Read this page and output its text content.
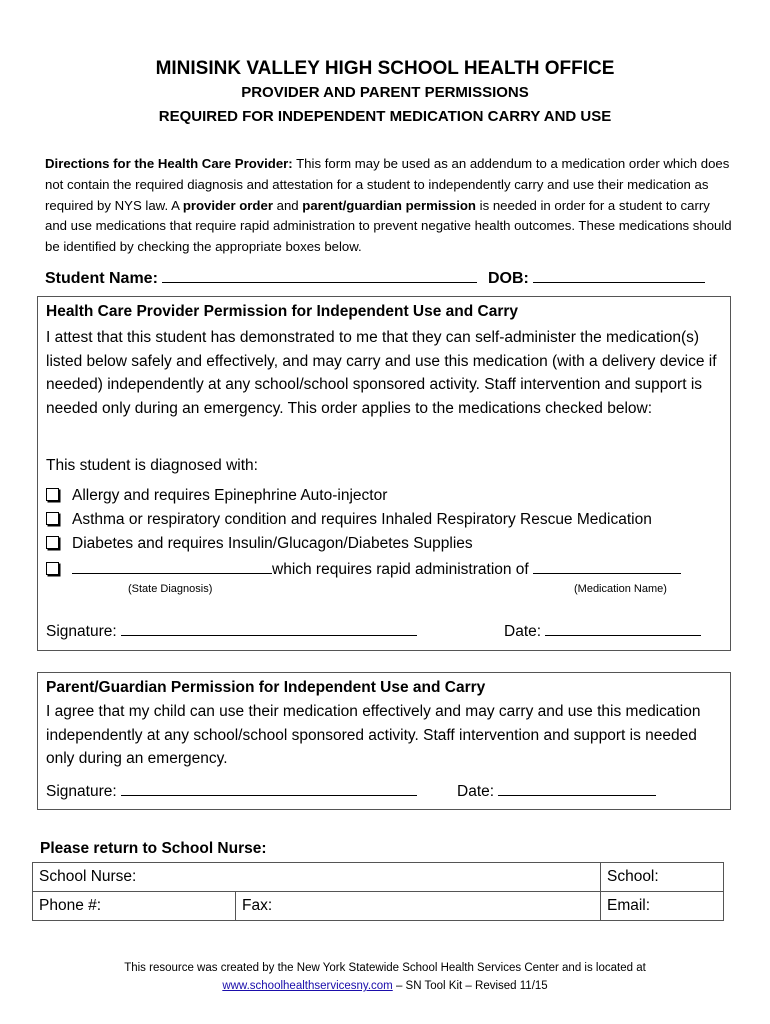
MINISINK VALLEY HIGH SCHOOL HEALTH OFFICE
PROVIDER AND PARENT PERMISSIONS
REQUIRED FOR INDEPENDENT MEDICATION CARRY AND USE

Directions for the Health Care Provider: This form may be used as an addendum to a medication order which does not contain the required diagnosis and attestation for a student to independently carry and use their medication as required by NYS law. A provider order and parent/guardian permission is needed in order for a student to carry and use medications that require rapid administration to prevent negative health outcomes. These medications should be identified by checking the appropriate boxes below.

Student Name:	DOB:
Health Care Provider Permission for Independent Use and Carry

I attest that this student has demonstrated to me that they can self-administer the medication(s) listed below safely and effectively, and may carry and use this medication (with a delivery device if needed) independently at any school/school sponsored activity. Staff intervention and support is needed only during an emergency. This order applies to the medications checked below:

This student is diagnosed with:
Allergy and requires Epinephrine Auto-injector
Asthma or respiratory condition and requires Inhaled Respiratory Rescue Medication
Diabetes and requires Insulin/Glucagon/Diabetes Supplies
which requires rapid administration of
(State Diagnosis)	(Medication Name)
Signature:	Date:
Parent/Guardian Permission for Independent Use and Carry

I agree that my child can use their medication effectively and may carry and use this medication independently at any school/school sponsored activity. Staff intervention and support is needed only during an emergency.

Signature:	Date:
Please return to School Nurse:
School Nurse:		School:
Phone #:	Fax:	Email:
This resource was created by the New York Statewide School Health Services Center and is located at
www.schoolhealthservicesny.com – SN Tool Kit – Revised 11/15
